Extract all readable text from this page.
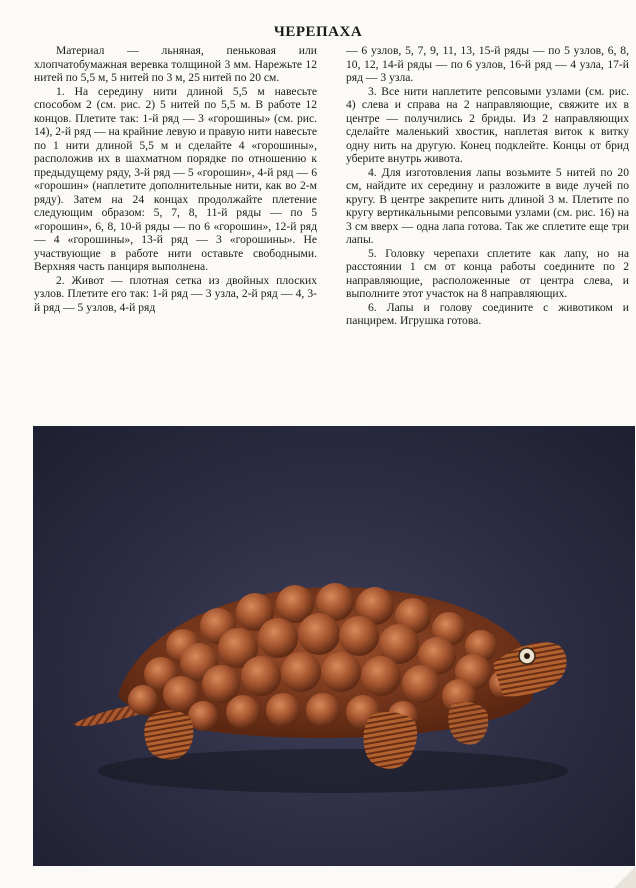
ЧЕРЕПАХА

Материал — льняная, пеньковая или хлопчатобумажная веревка толщиной 3 мм. Нарежьте 12 нитей по 5,5 м, 5 нитей по 3 м, 25 нитей по 20 см.

1. На середину нити длиной 5,5 м навесьте способом 2 (см. рис. 2) 5 нитей по 5,5 м. В работе 12 концов. Плетите так: 1-й ряд — 3 «горошины» (см. рис. 14), 2-й ряд — на крайние левую и правую нити навесьте по 1 нити длиной 5,5 м и сделайте 4 «горошины», расположив их в шахматном порядке по отношению к предыдущему ряду, 3-й ряд — 5 «горошин», 4-й ряд — 6 «горошин» (наплетите дополнительные нити, как во 2-м ряду). Затем на 24 концах продолжайте плетение следующим образом: 5, 7, 8, 11-й ряды — по 5 «горошин», 6, 8, 10-й ряды — по 6 «горошин», 12-й ряд — 4 «горошины», 13-й ряд — 3 «горошины». Не участвующие в работе нити оставьте свободными. Верхняя часть панциря выполнена.

2. Живот — плотная сетка из двойных плоских узлов. Плетите его так: 1-й ряд — 3 узла, 2-й ряд — 4, 3-й ряд — 5 узлов, 4-й ряд

— 6 узлов, 5, 7, 9, 11, 13, 15-й ряды — по 5 узлов, 6, 8, 10, 12, 14-й ряды — по 6 узлов, 16-й ряд — 4 узла, 17-й ряд — 3 узла.

3. Все нити наплетите репсовыми узлами (см. рис. 4) слева и справа на 2 направляющие, свяжите их в центре — получились 2 бриды. Из 2 направляющих сделайте маленький хвостик, наплетая виток к витку одну нить на другую. Конец подклейте. Концы от брид уберите внутрь живота.

4. Для изготовления лапы возьмите 5 нитей по 20 см, найдите их середину и разложите в виде лучей по кругу. В центре закрепите нить длиной 3 м. Плетите по кругу вертикальными репсовыми узлами (см. рис. 16) на 3 см вверх — одна лапа готова. Так же сплетите еще три лапы.

5. Головку черепахи сплетите как лапу, но на расстоянии 1 см от конца работы соедините по 2 направляющие, расположенные от центра слева, и выполните этот участок на 8 направляющих.

6. Лапы и голову соедините с животиком и панцирем. Игрушка готова.
